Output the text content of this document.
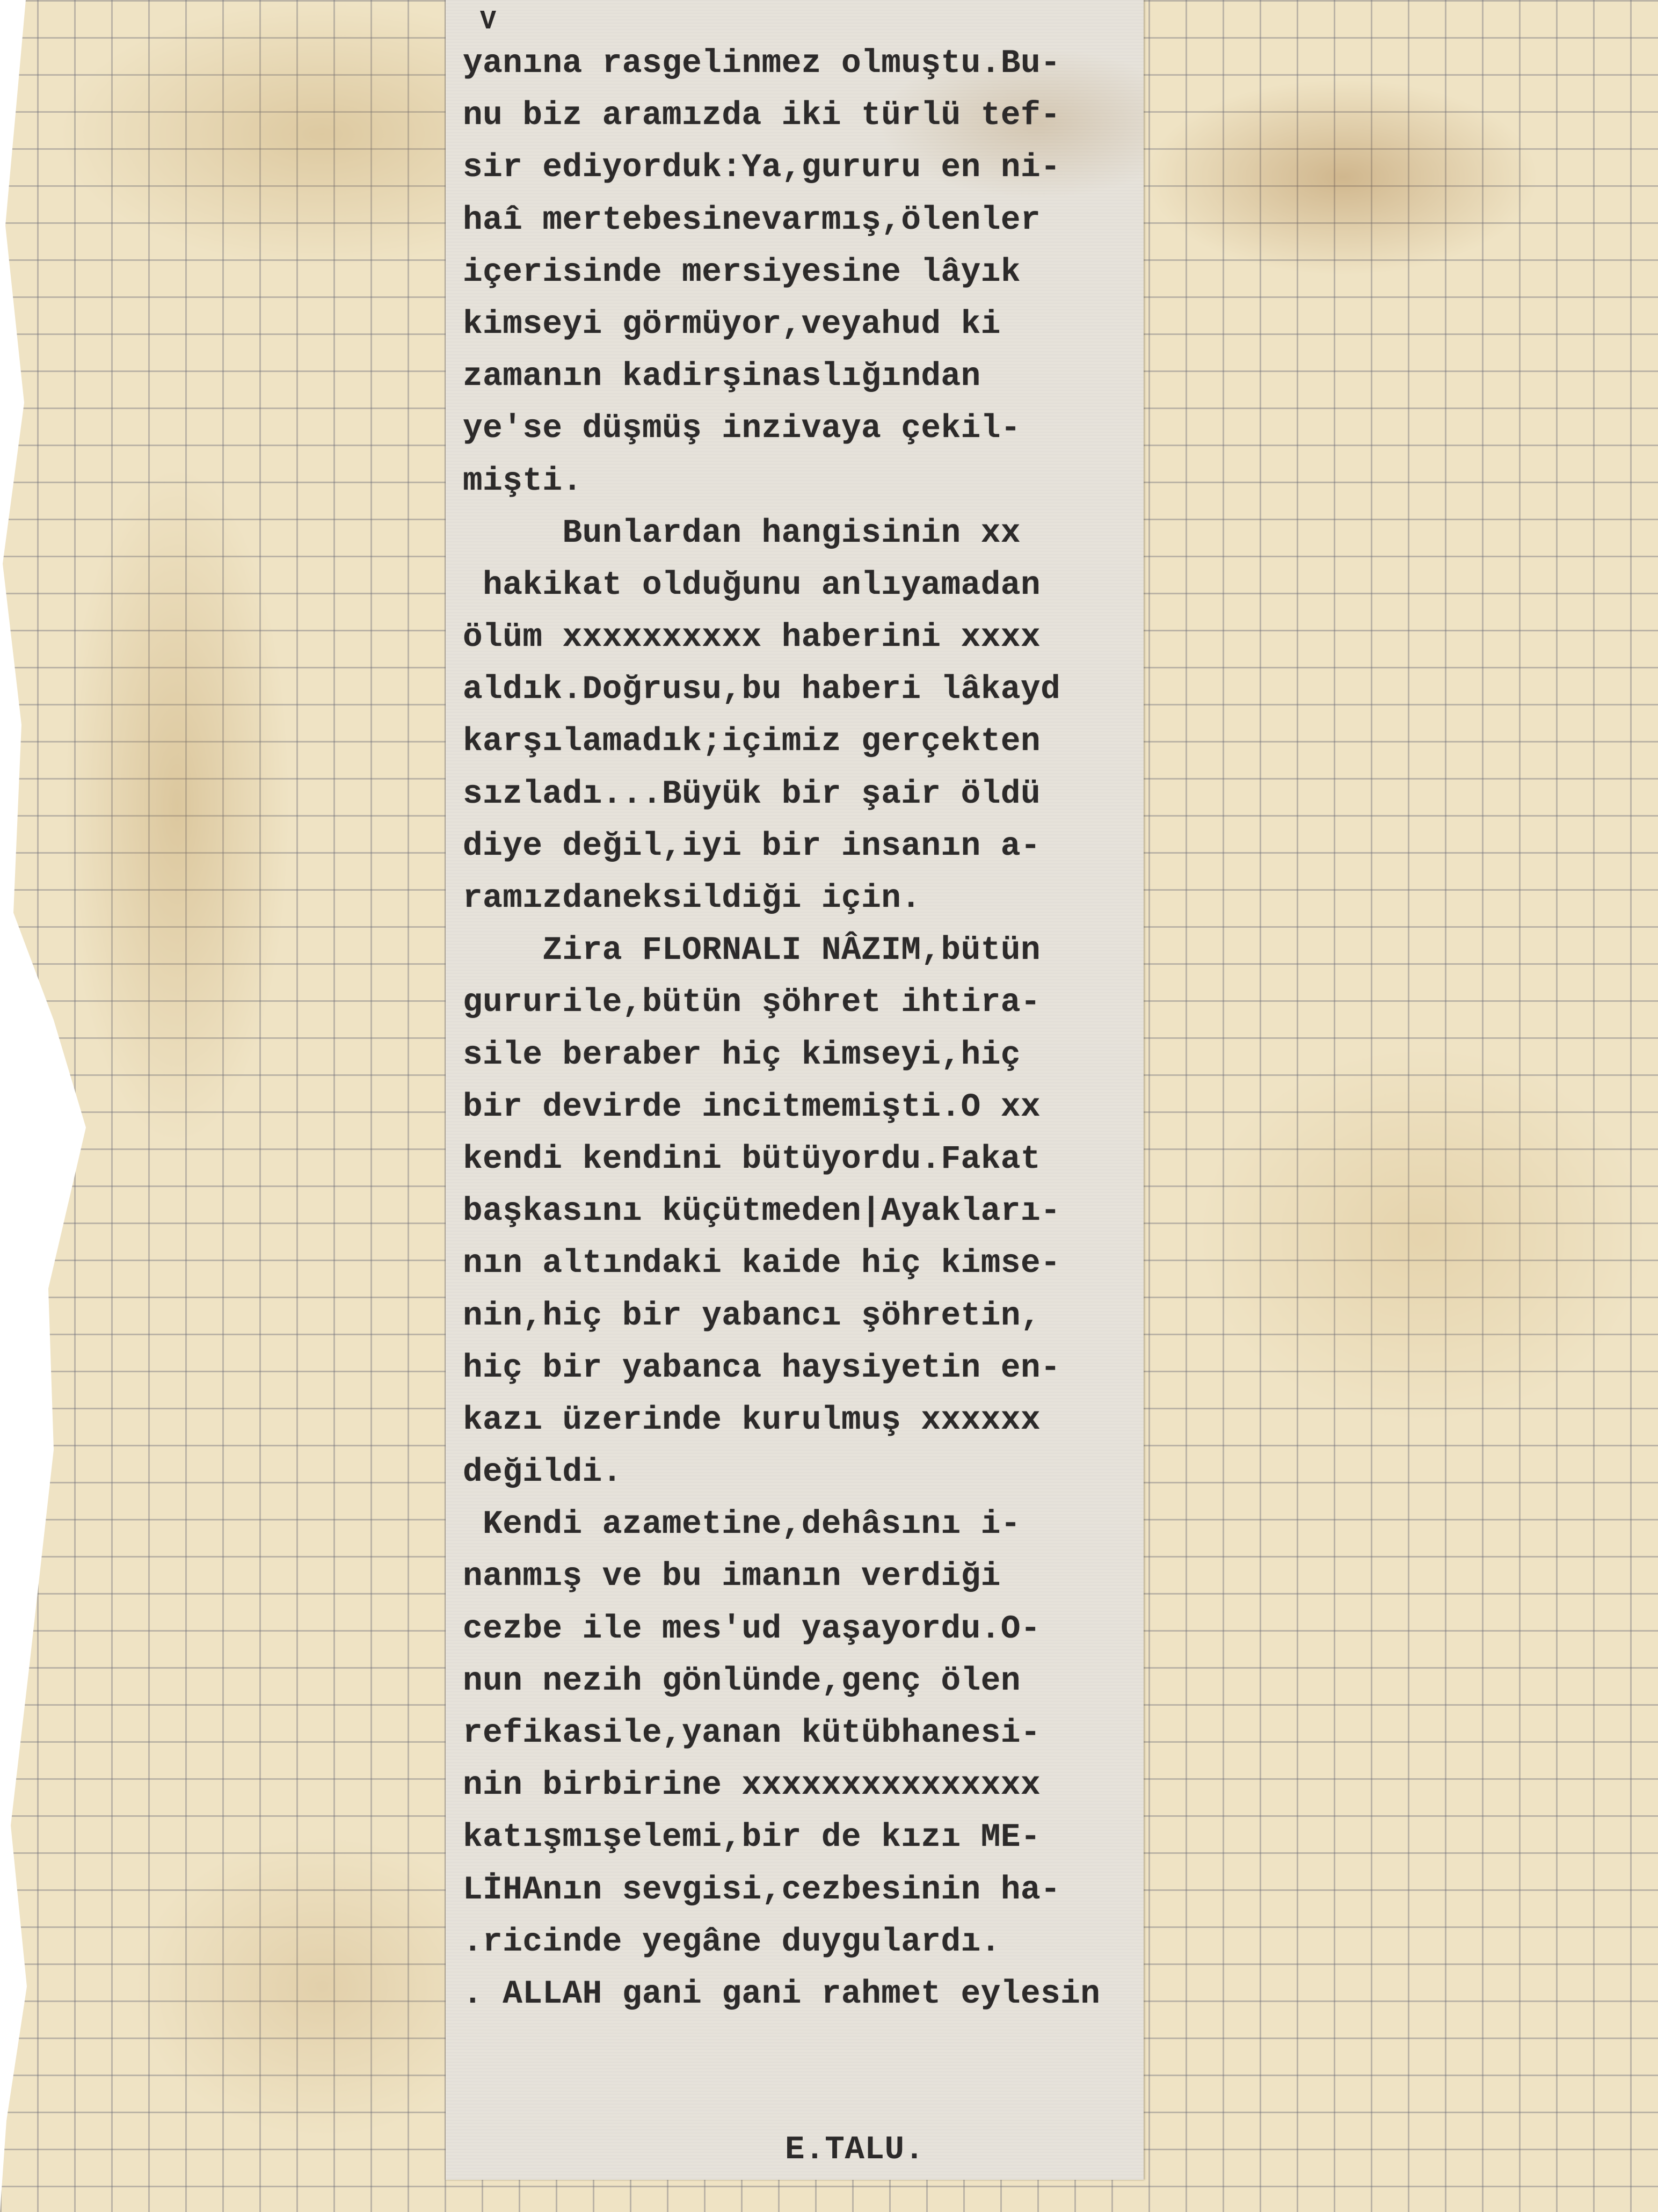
V

yanına rasgelinmez olmuştu.Bu-
nu biz aramızda iki türlü tef-
sir ediyorduk:Ya,gururu en ni-
haî mertebesinevarmış,ölenler
içerisinde mersiyesine lâyık
kimseyi görmüyor,veyahud ki
zamanın kadirşinaslığından
ye'se düşmüş inzivaya çekil-
mişti.
Bunlardan hangisinin xx
hakikat olduğunu anlıyamadan
ölüm xxxxxxxxxx haberini xxxx
aldık.Doğrusu,bu haberi lâkayd
karşılamadık;içimiz gerçekten
sızladı...Büyük bir şair öldü
diye değil,iyi bir insanın a-
ramızdaneksildiği için.
Zira FLORNALI NÂZIM,bütün
gururile,bütün şöhret ihtira-
sile beraber hiç kimseyi,hiç
bir devirde incitmemişti.O xx
kendi kendini bütüyordu.Fakat
başkasını küçütmeden|Ayakları-
nın altındaki kaide hiç kimse-
nin,hiç bir yabancı şöhretin,
hiç bir yabanca haysiyetin en-
kazı üzerinde kurulmuş xxxxxx
değildi.
Kendi azametine,dehâsını i-
nanmış ve bu imanın verdiği
cezbe ile mes'ud yaşayordu.O-
nun nezih gönlünde,genç ölen
refikasile,yanan kütübhanesi-
nin birbirine xxxxxxxxxxxxxxx
katışmışelemi,bir de kızı ME-
LİHAnın sevgisi,cezbesinin ha-
.ricinde yegâne duygulardı.
. ALLAH gani gani rahmet eylesin

E.TALU.
